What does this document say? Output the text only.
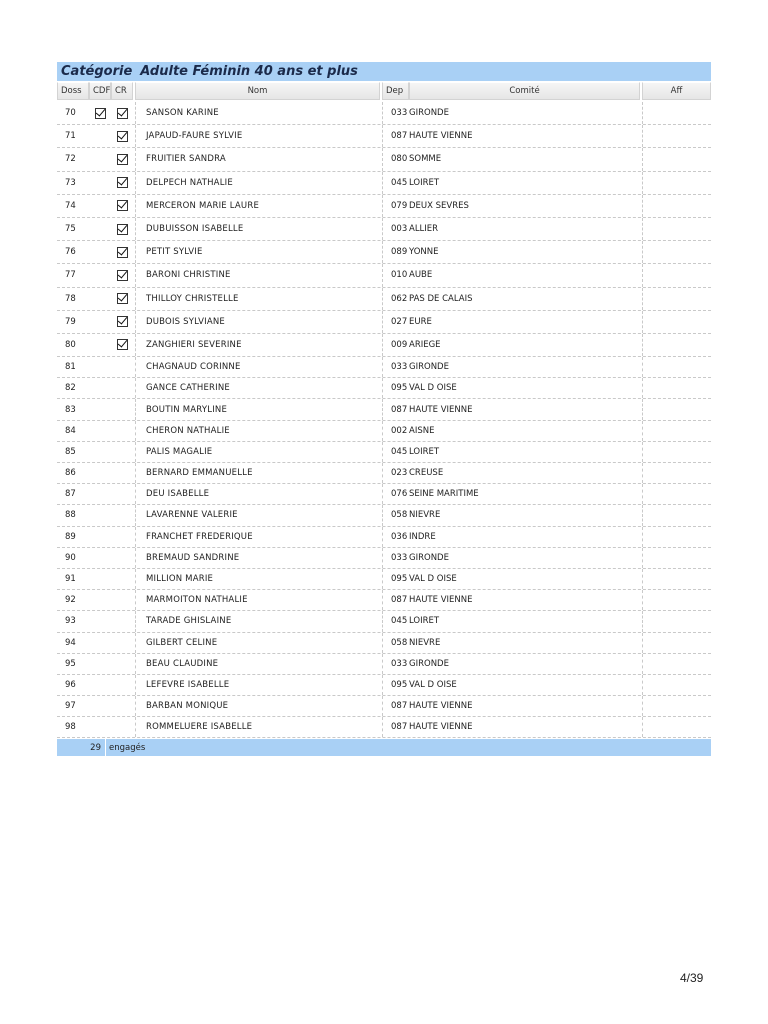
Catégorie Adulte Féminin 40 ans et plus
Doss	CDF CR	Nom	Dep	Comité	Aff
70	SANSON KARINE	033 GIRONDE
71	JAPAUD-FAURE SYLVIE	087 HAUTE VIENNE
72	FRUITIER SANDRA	080 SOMME
73	DELPECH NATHALIE	045 LOIRET
74	MERCERON MARIE LAURE	079 DEUX SEVRES
75	DUBUISSON ISABELLE	003 ALLIER
76	PETIT SYLVIE	089 YONNE
77	BARONI CHRISTINE	010 AUBE
78	THILLOY CHRISTELLE	062 PAS DE CALAIS
79	DUBOIS SYLVIANE	027 EURE
80	ZANGHIERI SEVERINE	009 ARIEGE
81	CHAGNAUD CORINNE	033 GIRONDE
82	GANCE CATHERINE	095 VAL D OISE
83	BOUTIN MARYLINE	087 HAUTE VIENNE
84	CHERON NATHALIE	002 AISNE
85	PALIS MAGALIE	045 LOIRET
86	BERNARD EMMANUELLE	023 CREUSE
87	DEU ISABELLE	076 SEINE MARITIME
88	LAVARENNE VALERIE	058 NIEVRE
89	FRANCHET FREDERIQUE	036 INDRE
90	BREMAUD SANDRINE	033 GIRONDE
91	MILLION MARIE	095 VAL D OISE
92	MARMOITON NATHALIE	087 HAUTE VIENNE
93	TARADE GHISLAINE	045 LOIRET
94	GILBERT CELINE	058 NIEVRE
95	BEAU CLAUDINE	033 GIRONDE
96	LEFEVRE ISABELLE	095 VAL D OISE
97	BARBAN MONIQUE	087 HAUTE VIENNE
98	ROMMELUERE ISABELLE	087 HAUTE VIENNE
29 engagés
4/39
